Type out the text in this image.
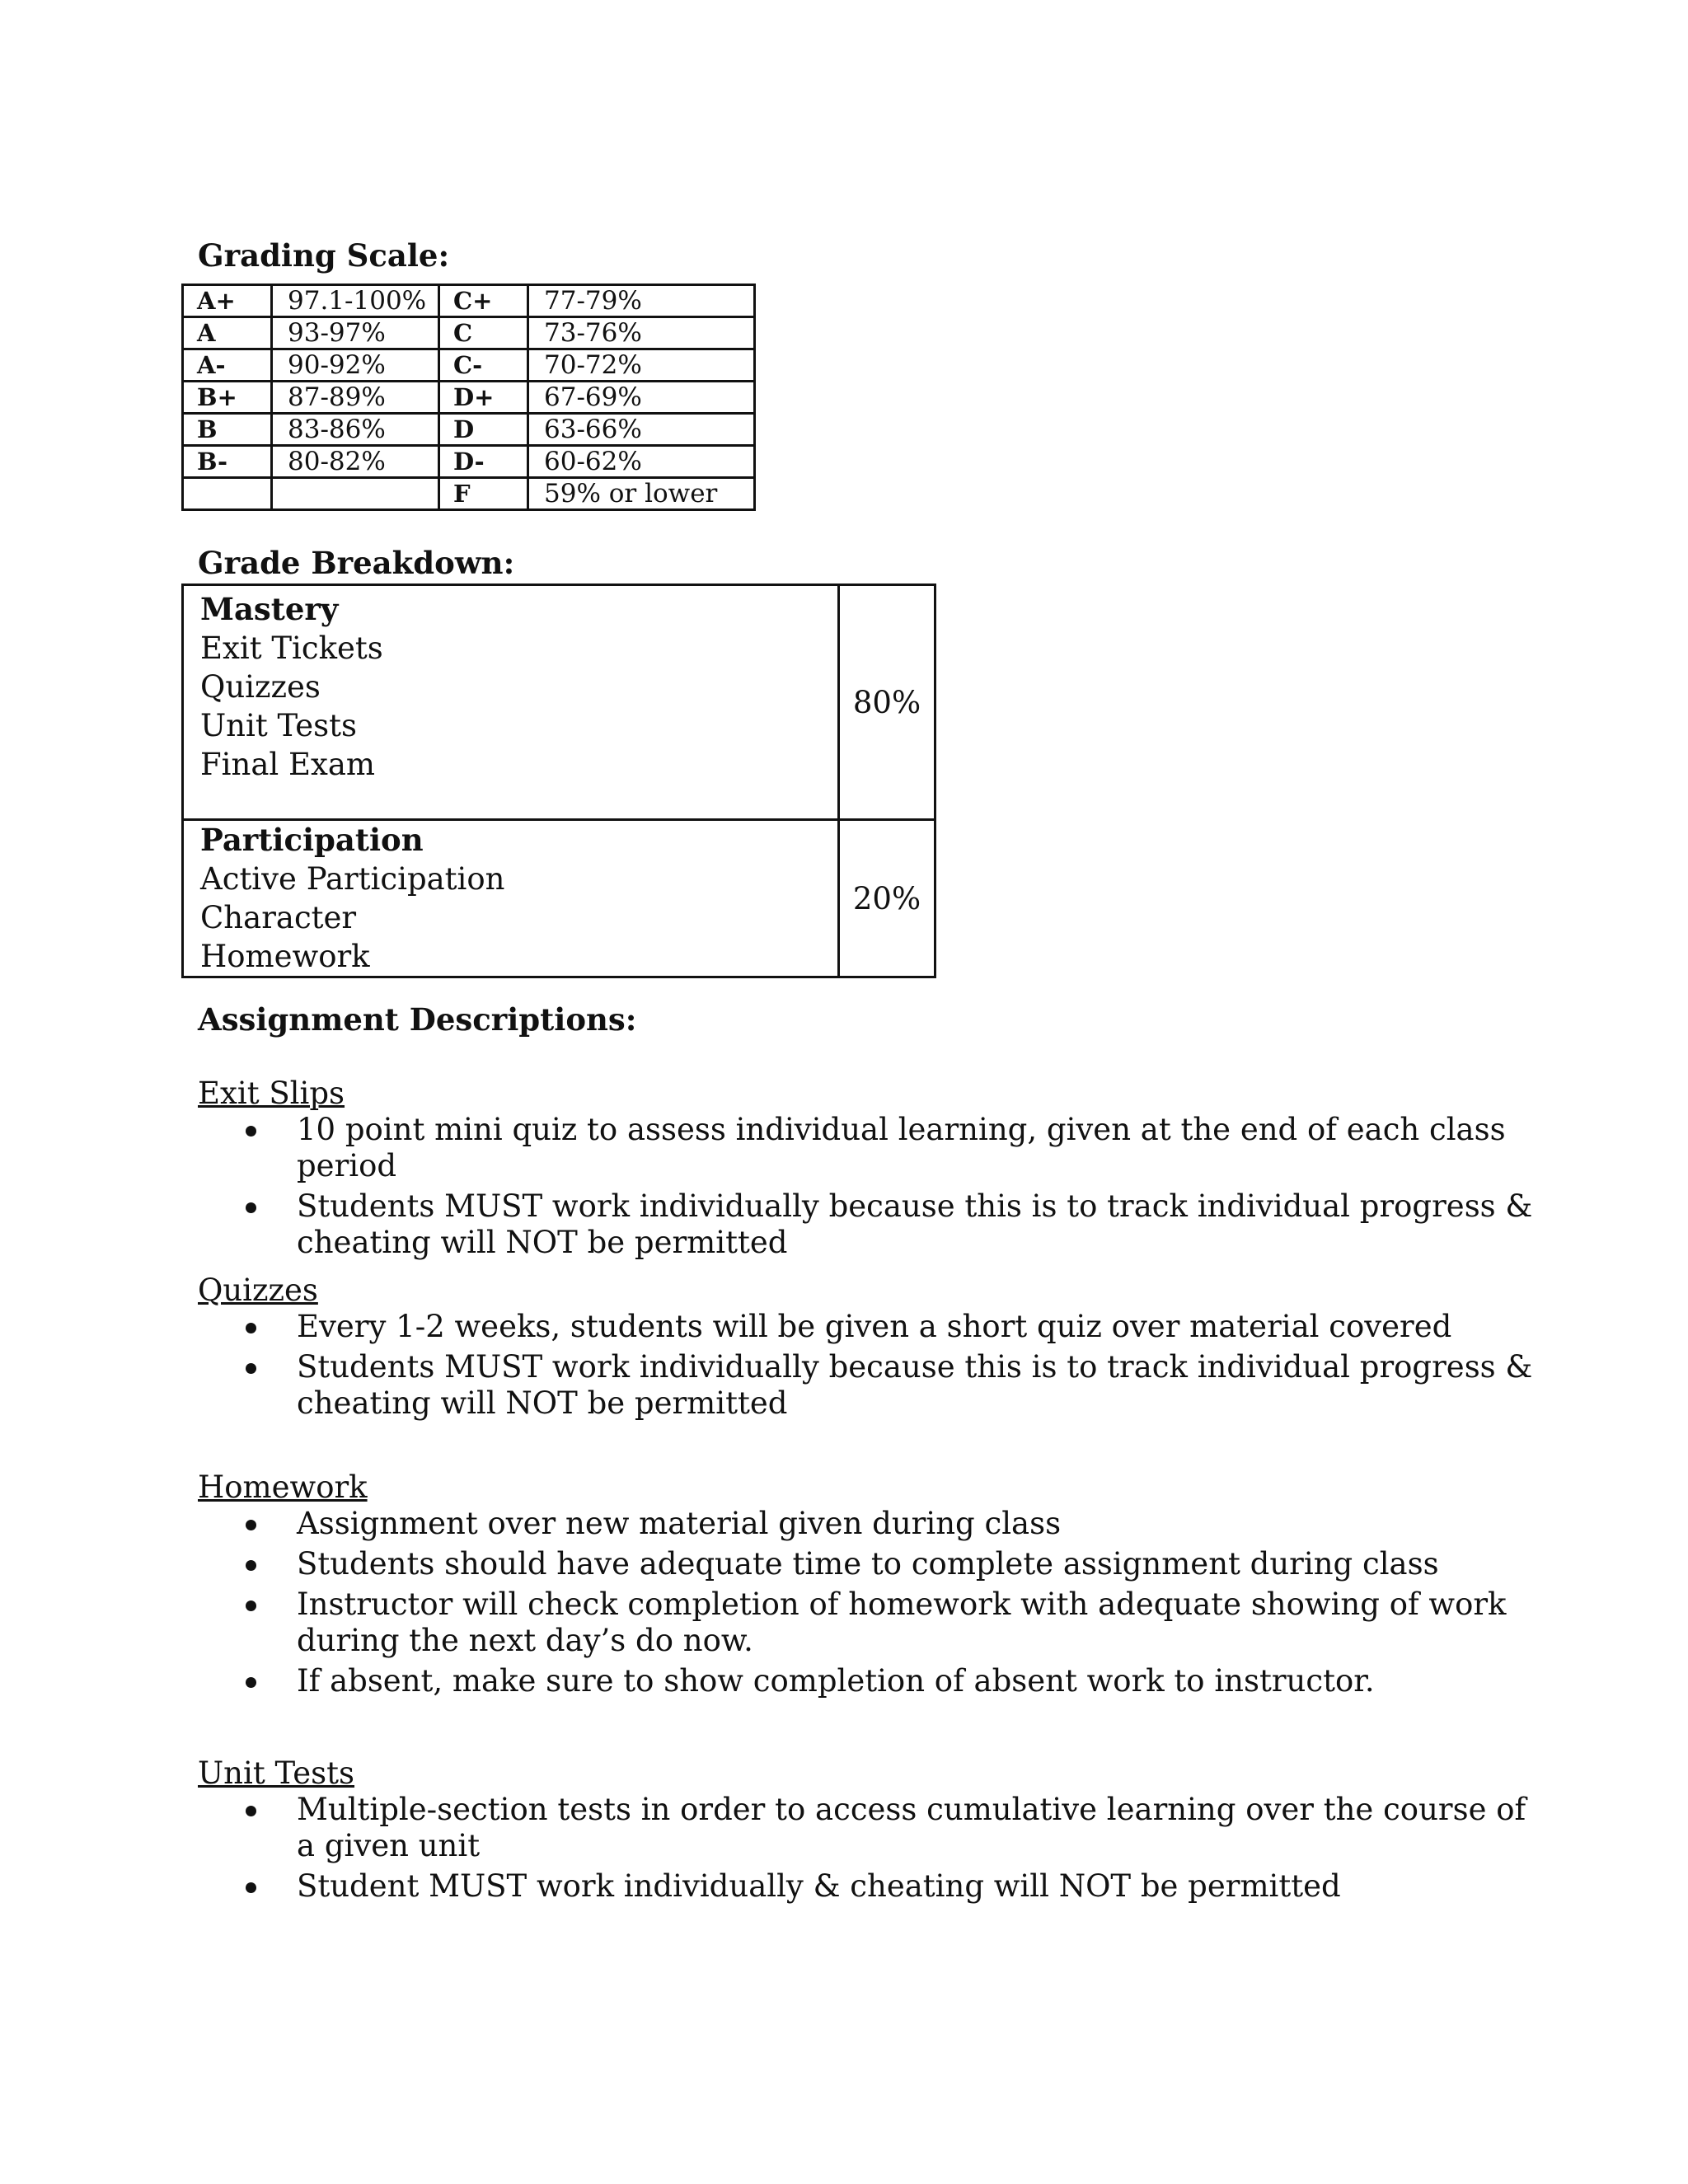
Grading Scale:
A+	97.1-100%	C+	77-79%
A	93-97%	C	73-76%
A-	90-92%	C-	70-72%
B+	87-89%	D+	67-69%
B	83-86%	D	63-66%
B-	80-82%	D-	60-62%
		F	59% or lower
Grade Breakdown:
Mastery
Exit Tickets
Quizzes
Unit Tests
Final Exam	80%

Participation
Active Participation
Character
Homework	20%
Assignment Descriptions:
Exit Slips
10 point mini quiz to assess individual learning, given at the end of each class period
Students MUST work individually because this is to track individual progress & cheating will NOT be permitted
Quizzes
Every 1-2 weeks, students will be given a short quiz over material covered
Students MUST work individually because this is to track individual progress & cheating will NOT be permitted
Homework
Assignment over new material given during class
Students should have adequate time to complete assignment during class
Instructor will check completion of homework with adequate showing of work during the next day’s do now.
If absent, make sure to show completion of absent work to instructor.
Unit Tests
Multiple-section tests in order to access cumulative learning over the course of a given unit
Student MUST work individually & cheating will NOT be permitted
